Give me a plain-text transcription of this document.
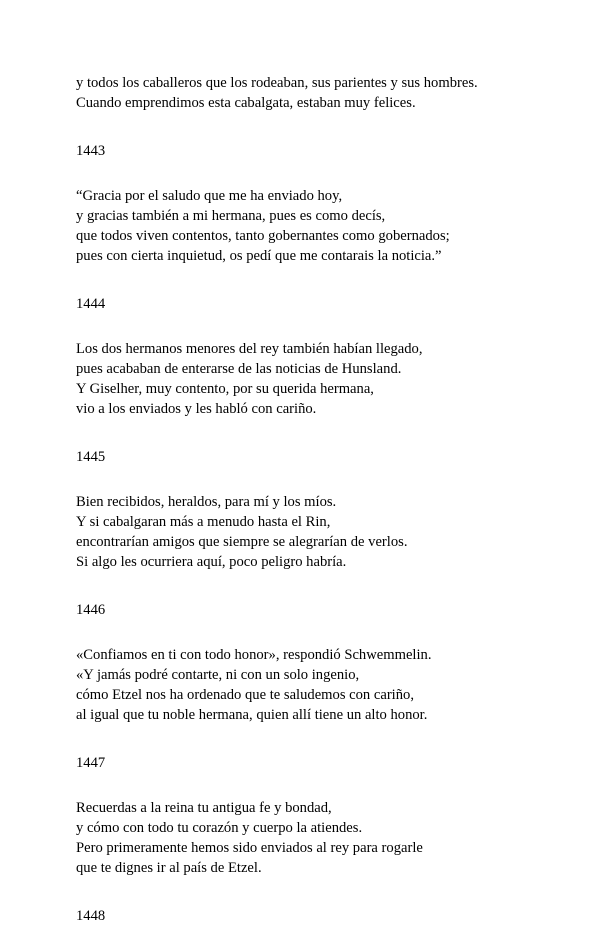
y todos los caballeros que los rodeaban, sus parientes y sus hombres.
Cuando emprendimos esta cabalgata, estaban muy felices.
1443
“Gracia por el saludo que me ha enviado hoy,
y gracias también a mi hermana, pues es como decís,
que todos viven contentos, tanto gobernantes como gobernados;
pues con cierta inquietud, os pedí que me contarais la noticia.”
1444
Los dos hermanos menores del rey también habían llegado,
pues acababan de enterarse de las noticias de Hunsland.
Y Giselher, muy contento, por su querida hermana,
vio a los enviados y les habló con cariño.
1445
Bien recibidos, heraldos, para mí y los míos.
Y si cabalgaran más a menudo hasta el Rin,
encontrarían amigos que siempre se alegrarían de verlos.
Si algo les ocurriera aquí, poco peligro habría.
1446
«Confiamos en ti con todo honor», respondió Schwemmelin.
«Y jamás podré contarte, ni con un solo ingenio,
cómo Etzel nos ha ordenado que te saludemos con cariño,
al igual que tu noble hermana, quien allí tiene un alto honor.
1447
Recuerdas a la reina tu antigua fe y bondad,
y cómo con todo tu corazón y cuerpo la atiendes.
Pero primeramente hemos sido enviados al rey para rogarle
que te dignes ir al país de Etzel.
1448
